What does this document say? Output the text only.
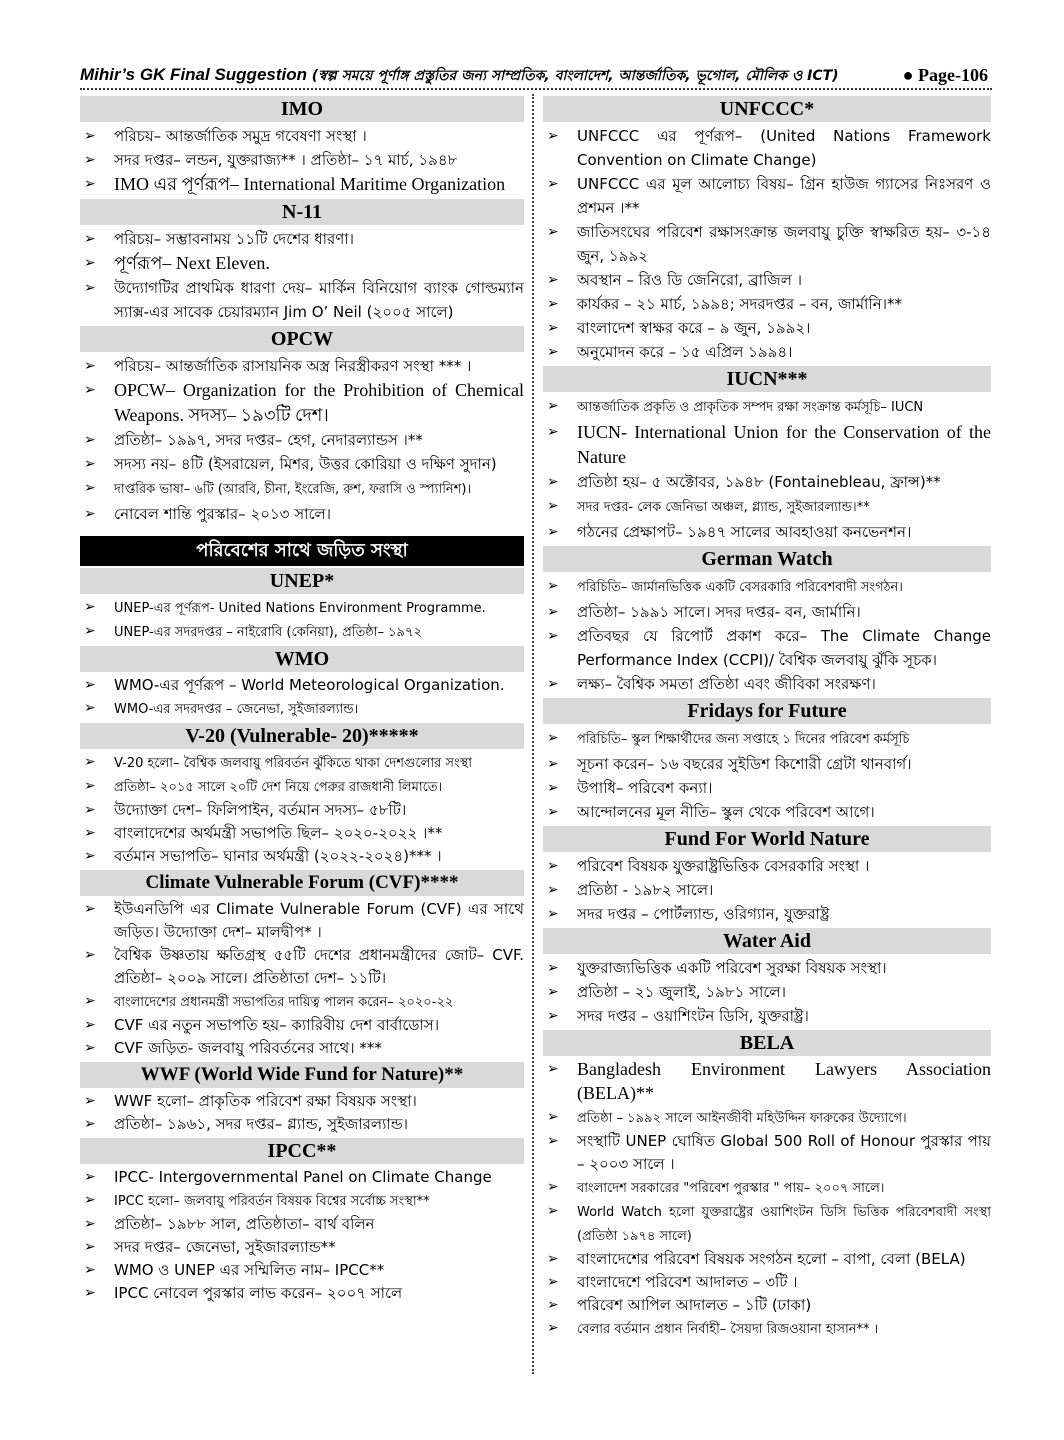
Mihir’s GK Final Suggestion (স্বল্প সময়ে পূর্ণাঙ্গ প্রস্তুতির জন্য সাম্প্রতিক, বাংলাদেশ, আন্তর্জাতিক, ভূগোল, মৌলিক ও ICT)	● Page-106
IMO
➢ পরিচয়– আন্তর্জাতিক সমুদ্র গবেষণা সংস্থা ।
➢ সদর দপ্তর– লন্ডন, যুক্তরাজ্য** । প্রতিষ্ঠা– ১৭ মার্চ, ১৯৪৮
➢ IMO এর পূর্ণরূপ– International Maritime Organization
N-11
➢ পরিচয়– সম্ভাবনাময় ১১টি দেশের ধারণা।
➢ পূর্ণরূপ– Next Eleven.
➢ উদ্যোগটির প্রাথমিক ধারণা দেয়– মার্কিন বিনিয়োগ ব্যাংক গোল্ডম্যান স্যাক্স-এর সাবেক চেয়ারম্যান Jim O’ Neil (২০০৫ সালে)
OPCW
➢ পরিচয়– আন্তর্জাতিক রাসায়নিক অস্ত্র নিরস্ত্রীকরণ সংস্থা *** ।
➢ OPCW– Organization for the Prohibition of Chemical Weapons. সদস্য– ১৯৩টি দেশ।
➢ প্রতিষ্ঠা– ১৯৯৭, সদর দপ্তর– হেগ, নেদারল্যান্ডস ।**
➢ সদস্য নয়– ৪টি (ইসরায়েল, মিশর, উত্তর কোরিয়া ও দক্ষিণ সুদান)
➢ দাপ্তরিক ভাষা– ৬টি (আরবি, চীনা, ইংরেজি, রুশ, ফরাসি ও স্প্যানিশ)।
➢ নোবেল শান্তি পুরস্কার– ২০১৩ সালে।
পরিবেশের সাথে জড়িত সংস্থা
UNEP*
➢ UNEP-এর পূর্ণরূপ- United Nations Environment Programme.
➢ UNEP-এর সদরদপ্তর – নাইরোবি (কেনিয়া), প্রতিষ্ঠা– ১৯৭২
WMO
➢ WMO-এর পূর্ণরূপ – World Meteorological Organization.
➢ WMO-এর সদরদপ্তর – জেনেভা, সুইজারল্যান্ড।
V-20 (Vulnerable- 20)*****
➢ V-20 হলো– বৈশ্বিক জলবায়ু পরিবর্তন ঝুঁকিতে থাকা দেশগুলোর সংস্থা
➢ প্রতিষ্ঠা– ২০১৫ সালে ২০টি দেশ নিয়ে পেরুর রাজধানী লিমাতে।
➢ উদ্যোক্তা দেশ– ফিলিপাইন, বর্তমান সদস্য– ৫৮টি।
➢ বাংলাদেশের অর্থমন্ত্রী সভাপতি ছিল– ২০২০-২০২২ ।**
➢ বর্তমান সভাপতি– ঘানার অর্থমন্ত্রী (২০২২-২০২৪)*** ।
Climate Vulnerable Forum (CVF)****
➢ ইউএনডিপি এর Climate Vulnerable Forum (CVF) এর সাথে জড়িত। উদ্যোক্তা দেশ– মালদ্বীপ* ।
➢ বৈশ্বিক উষ্ণতায় ক্ষতিগ্রস্থ ৫৫টি দেশের প্রধানমন্ত্রীদের জোট– CVF. প্রতিষ্ঠা– ২০০৯ সালে। প্রতিষ্ঠাতা দেশ– ১১টি।
➢ বাংলাদেশের প্রধানমন্ত্রী সভাপতির দায়িত্ব পালন করেন– ২০২০-২২
➢ CVF এর নতুন সভাপতি হয়– ক্যারিবীয় দেশ বার্বাডোস।
➢ CVF জড়িত- জলবায়ু পরিবর্তনের সাথে। ***
WWF (World Wide Fund for Nature)**
➢ WWF হলো– প্রাকৃতিক পরিবেশ রক্ষা বিষয়ক সংস্থা।
➢ প্রতিষ্ঠা– ১৯৬১, সদর দপ্তর– গ্ল্যান্ড, সুইজারল্যান্ড।
IPCC**
➢ IPCC- Intergovernmental Panel on Climate Change
➢ IPCC হলো– জলবায়ু পরিবর্তন বিষয়ক বিশ্বের সর্বোচ্চ সংস্থা**
➢ প্রতিষ্ঠা– ১৯৮৮ সাল, প্রতিষ্ঠাতা– বার্থ বলিন
➢ সদর দপ্তর– জেনেভা, সুইজারল্যান্ড**
➢ WMO ও UNEP এর সম্মিলিত নাম– IPCC**
➢ IPCC নোবেল পুরস্কার লাভ করেন– ২০০৭ সালে
UNFCCC*
➢ UNFCCC এর পূর্ণরূপ– (United Nations Framework Convention on Climate Change)
➢ UNFCCC এর মূল আলোচ্য বিষয়– গ্রিন হাউজ গ্যাসের নিঃসরণ ও প্রশমন ।**
➢ জাতিসংঘের পরিবেশ রক্ষাসংক্রান্ত জলবায়ু চুক্তি স্বাক্ষরিত হয়– ৩-১৪ জুন, ১৯৯২
➢ অবস্থান – রিও ডি জেনিরো, ব্রাজিল ।
➢ কার্যকর – ২১ মার্চ, ১৯৯৪; সদরদপ্তর – বন, জার্মানি।**
➢ বাংলাদেশ স্বাক্ষর করে – ৯ জুন, ১৯৯২।
➢ অনুমোদন করে – ১৫ এপ্রিল ১৯৯৪।
IUCN***
➢ আন্তর্জাতিক প্রকৃতি ও প্রাকৃতিক সম্পদ রক্ষা সংক্রান্ত কর্মসূচি– IUCN
➢ IUCN- International Union for the Conservation of the Nature
➢ প্রতিষ্ঠা হয়– ৫ অক্টোবর, ১৯৪৮ (Fontainebleau, ফ্রান্স)**
➢ সদর দপ্তর- লেক জেনিভা অঞ্চল, গ্ল্যান্ড, সুইজারল্যান্ড।**
➢ গঠনের প্রেক্ষাপট– ১৯৪৭ সালের আবহাওয়া কনভেনশন।
German Watch
➢ পরিচিতি– জার্মানভিত্তিক একটি বেসরকারি পরিবেশবাদী সংগঠন।
➢ প্রতিষ্ঠা– ১৯৯১ সালে। সদর দপ্তর- বন, জার্মানি।
➢ প্রতিবছর যে রিপোর্ট প্রকাশ করে– The Climate Change Performance Index (CCPI)/ বৈশ্বিক জলবায়ু ঝুঁকি সূচক।
➢ লক্ষ্য– বৈশ্বিক সমতা প্রতিষ্ঠা এবং জীবিকা সংরক্ষণ।
Fridays for Future
➢ পরিচিতি– স্কুল শিক্ষার্থীদের জন্য সপ্তাহে ১ দিনের পরিবেশ কর্মসূচি
➢ সূচনা করেন– ১৬ বছরের সুইডিশ কিশোরী গ্রেটা থানবার্গ।
➢ উপাধি– পরিবেশ কন্যা।
➢ আন্দোলনের মূল নীতি– স্কুল থেকে পরিবেশ আগে।
Fund For World Nature
➢ পরিবেশ বিষয়ক যুক্তরাষ্ট্রভিত্তিক বেসরকারি সংস্থা ।
➢ প্রতিষ্ঠা - ১৯৮২ সালে।
➢ সদর দপ্তর – পোর্টল্যান্ড, ওরিগ্যান, যুক্তরাষ্ট্র
Water Aid
➢ যুক্তরাজ্যভিত্তিক একটি পরিবেশ সুরক্ষা বিষয়ক সংস্থা।
➢ প্রতিষ্ঠা – ২১ জুলাই, ১৯৮১ সালে।
➢ সদর দপ্তর – ওয়াশিংটন ডিসি, যুক্তরাষ্ট্র।
BELA
➢ Bangladesh Environment Lawyers Association (BELA)**
➢ প্রতিষ্ঠা – ১৯৯২ সালে আইনজীবী মহিউদ্দিন ফারুকের উদ্যোগে।
➢ সংস্থাটি UNEP ঘোষিত Global 500 Roll of Honour পুরস্কার পায় – ২০০৩ সালে ।
➢ বাংলাদেশ সরকারের "পরিবেশ পুরস্কার " পায়– ২০০৭ সালে।
➢ World Watch হলো যুক্তরাষ্ট্রের ওয়াশিংটন ডিসি ভিত্তিক পরিবেশবাদী সংস্থা (প্রতিষ্ঠা ১৯৭৪ সালে)
➢ বাংলাদেশের পরিবেশ বিষয়ক সংগঠন হলো – বাপা, বেলা (BELA)
➢ বাংলাদেশে পরিবেশ আদালত – ৩টি ।
➢ পরিবেশ আপিল আদালত – ১টি (ঢাকা)
➢ বেলার বর্তমান প্রধান নির্বাহী– সৈয়দা রিজওয়ানা হাসান** ।
